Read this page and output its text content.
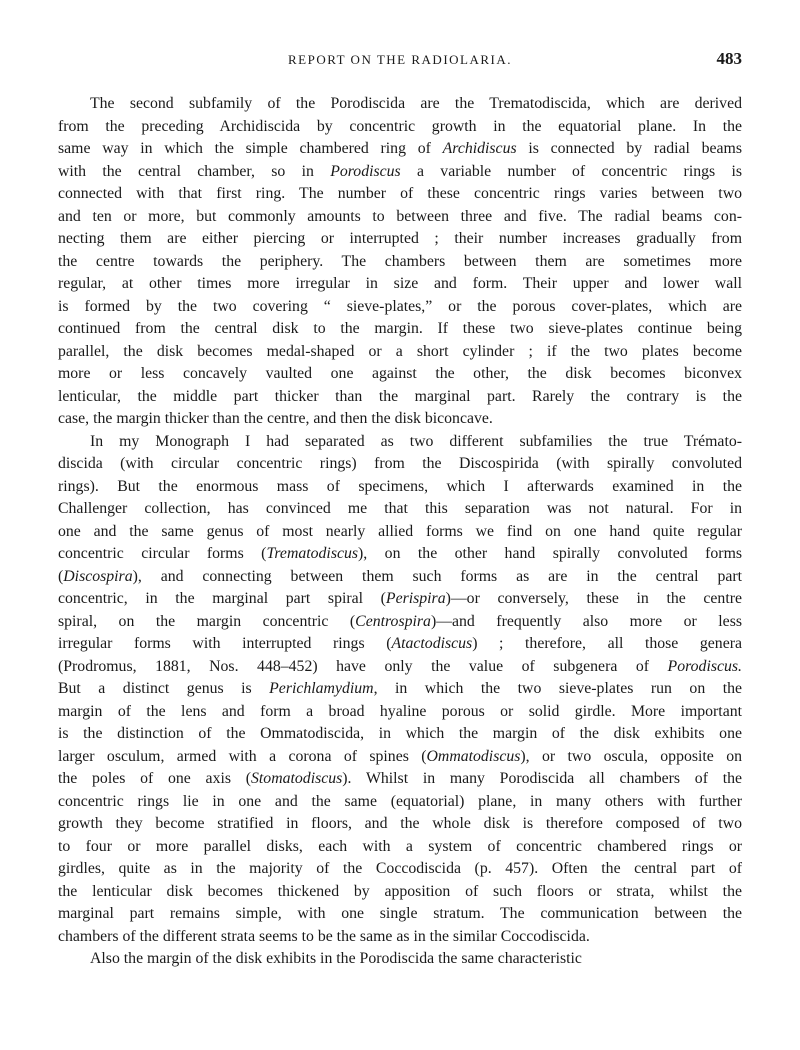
REPORT ON THE RADIOLARIA.	483
The second subfamily of the Porodiscida are the Trematodiscida, which are derived
from the preceding Archidiscida by concentric growth in the equatorial plane. In the
same way in which the simple chambered ring of Archidiscus is connected by radial beams
with the central chamber, so in Porodiscus a variable number of concentric rings is
connected with that first ring. The number of these concentric rings varies between two
and ten or more, but commonly amounts to between three and five. The radial beams con-
necting them are either piercing or interrupted ; their number increases gradually from
the centre towards the periphery. The chambers between them are sometimes more
regular, at other times more irregular in size and form. Their upper and lower wall
is formed by the two covering “ sieve-plates,” or the porous cover-plates, which are
continued from the central disk to the margin. If these two sieve-plates continue being
parallel, the disk becomes medal-shaped or a short cylinder ; if the two plates become
more or less concavely vaulted one against the other, the disk becomes biconvex
lenticular, the middle part thicker than the marginal part. Rarely the contrary is the
case, the margin thicker than the centre, and then the disk biconcave.
In my Monograph I had separated as two different subfamilies the true Trémato-
discida (with circular concentric rings) from the Discospirida (with spirally convoluted
rings). But the enormous mass of specimens, which I afterwards examined in the
Challenger collection, has convinced me that this separation was not natural. For in
one and the same genus of most nearly allied forms we find on one hand quite regular
concentric circular forms (Trematodiscus), on the other hand spirally convoluted forms
(Discospira), and connecting between them such forms as are in the central part
concentric, in the marginal part spiral (Perispira)—or conversely, these in the centre
spiral, on the margin concentric (Centrospira)—and frequently also more or less
irregular forms with interrupted rings (Atactodiscus) ; therefore, all those genera
(Prodromus, 1881, Nos. 448–452) have only the value of subgenera of Porodiscus.
But a distinct genus is Perichlamydium, in which the two sieve-plates run on the
margin of the lens and form a broad hyaline porous or solid girdle. More important
is the distinction of the Ommatodiscida, in which the margin of the disk exhibits one
larger osculum, armed with a corona of spines (Ommatodiscus), or two oscula, opposite on
the poles of one axis (Stomatodiscus). Whilst in many Porodiscida all chambers of the
concentric rings lie in one and the same (equatorial) plane, in many others with further
growth they become stratified in floors, and the whole disk is therefore composed of two
to four or more parallel disks, each with a system of concentric chambered rings or
girdles, quite as in the majority of the Coccodiscida (p. 457). Often the central part of
the lenticular disk becomes thickened by apposition of such floors or strata, whilst the
marginal part remains simple, with one single stratum. The communication between the
chambers of the different strata seems to be the same as in the similar Coccodiscida.
Also the margin of the disk exhibits in the Porodiscida the same characteristic
